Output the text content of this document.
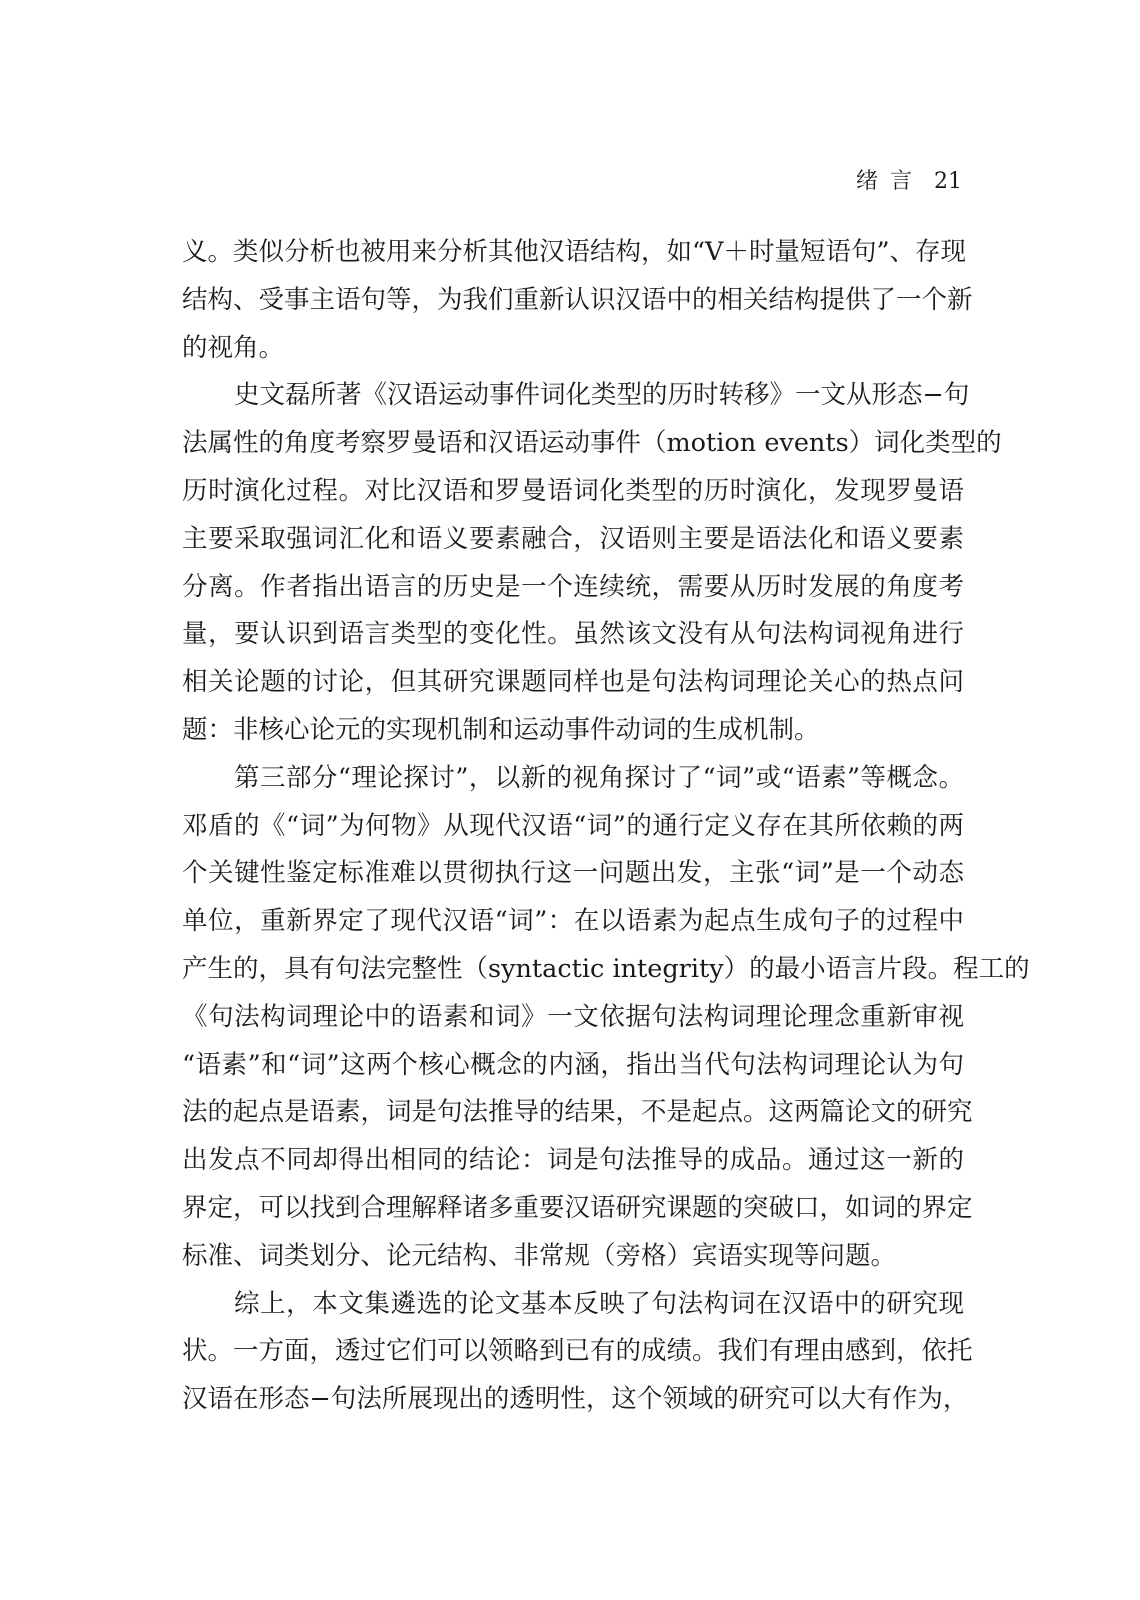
绪言 21
义。类似分析也被用来分析其他汉语结构，如“V＋时量短语句”、存现
结构、受事主语句等，为我们重新认识汉语中的相关结构提供了一个新
的视角。
史文磊所著《汉语运动事件词化类型的历时转移》一文从形态−句
法属性的角度考察罗曼语和汉语运动事件（motion events）词化类型的
历时演化过程。对比汉语和罗曼语词化类型的历时演化，发现罗曼语
主要采取强词汇化和语义要素融合，汉语则主要是语法化和语义要素
分离。作者指出语言的历史是一个连续统，需要从历时发展的角度考
量，要认识到语言类型的变化性。虽然该文没有从句法构词视角进行
相关论题的讨论，但其研究课题同样也是句法构词理论关心的热点问
题：非核心论元的实现机制和运动事件动词的生成机制。
第三部分“理论探讨”，以新的视角探讨了“词”或“语素”等概念。
邓盾的《“词”为何物》从现代汉语“词”的通行定义存在其所依赖的两
个关键性鉴定标准难以贯彻执行这一问题出发，主张“词”是一个动态
单位，重新界定了现代汉语“词”：在以语素为起点生成句子的过程中
产生的，具有句法完整性（syntactic integrity）的最小语言片段。程工的
《句法构词理论中的语素和词》一文依据句法构词理论理念重新审视
“语素”和“词”这两个核心概念的内涵，指出当代句法构词理论认为句
法的起点是语素，词是句法推导的结果，不是起点。这两篇论文的研究
出发点不同却得出相同的结论：词是句法推导的成品。通过这一新的
界定，可以找到合理解释诸多重要汉语研究课题的突破口，如词的界定
标准、词类划分、论元结构、非常规（旁格）宾语实现等问题。
综上，本文集遴选的论文基本反映了句法构词在汉语中的研究现
状。一方面，透过它们可以领略到已有的成绩。我们有理由感到，依托
汉语在形态−句法所展现出的透明性，这个领域的研究可以大有作为，
